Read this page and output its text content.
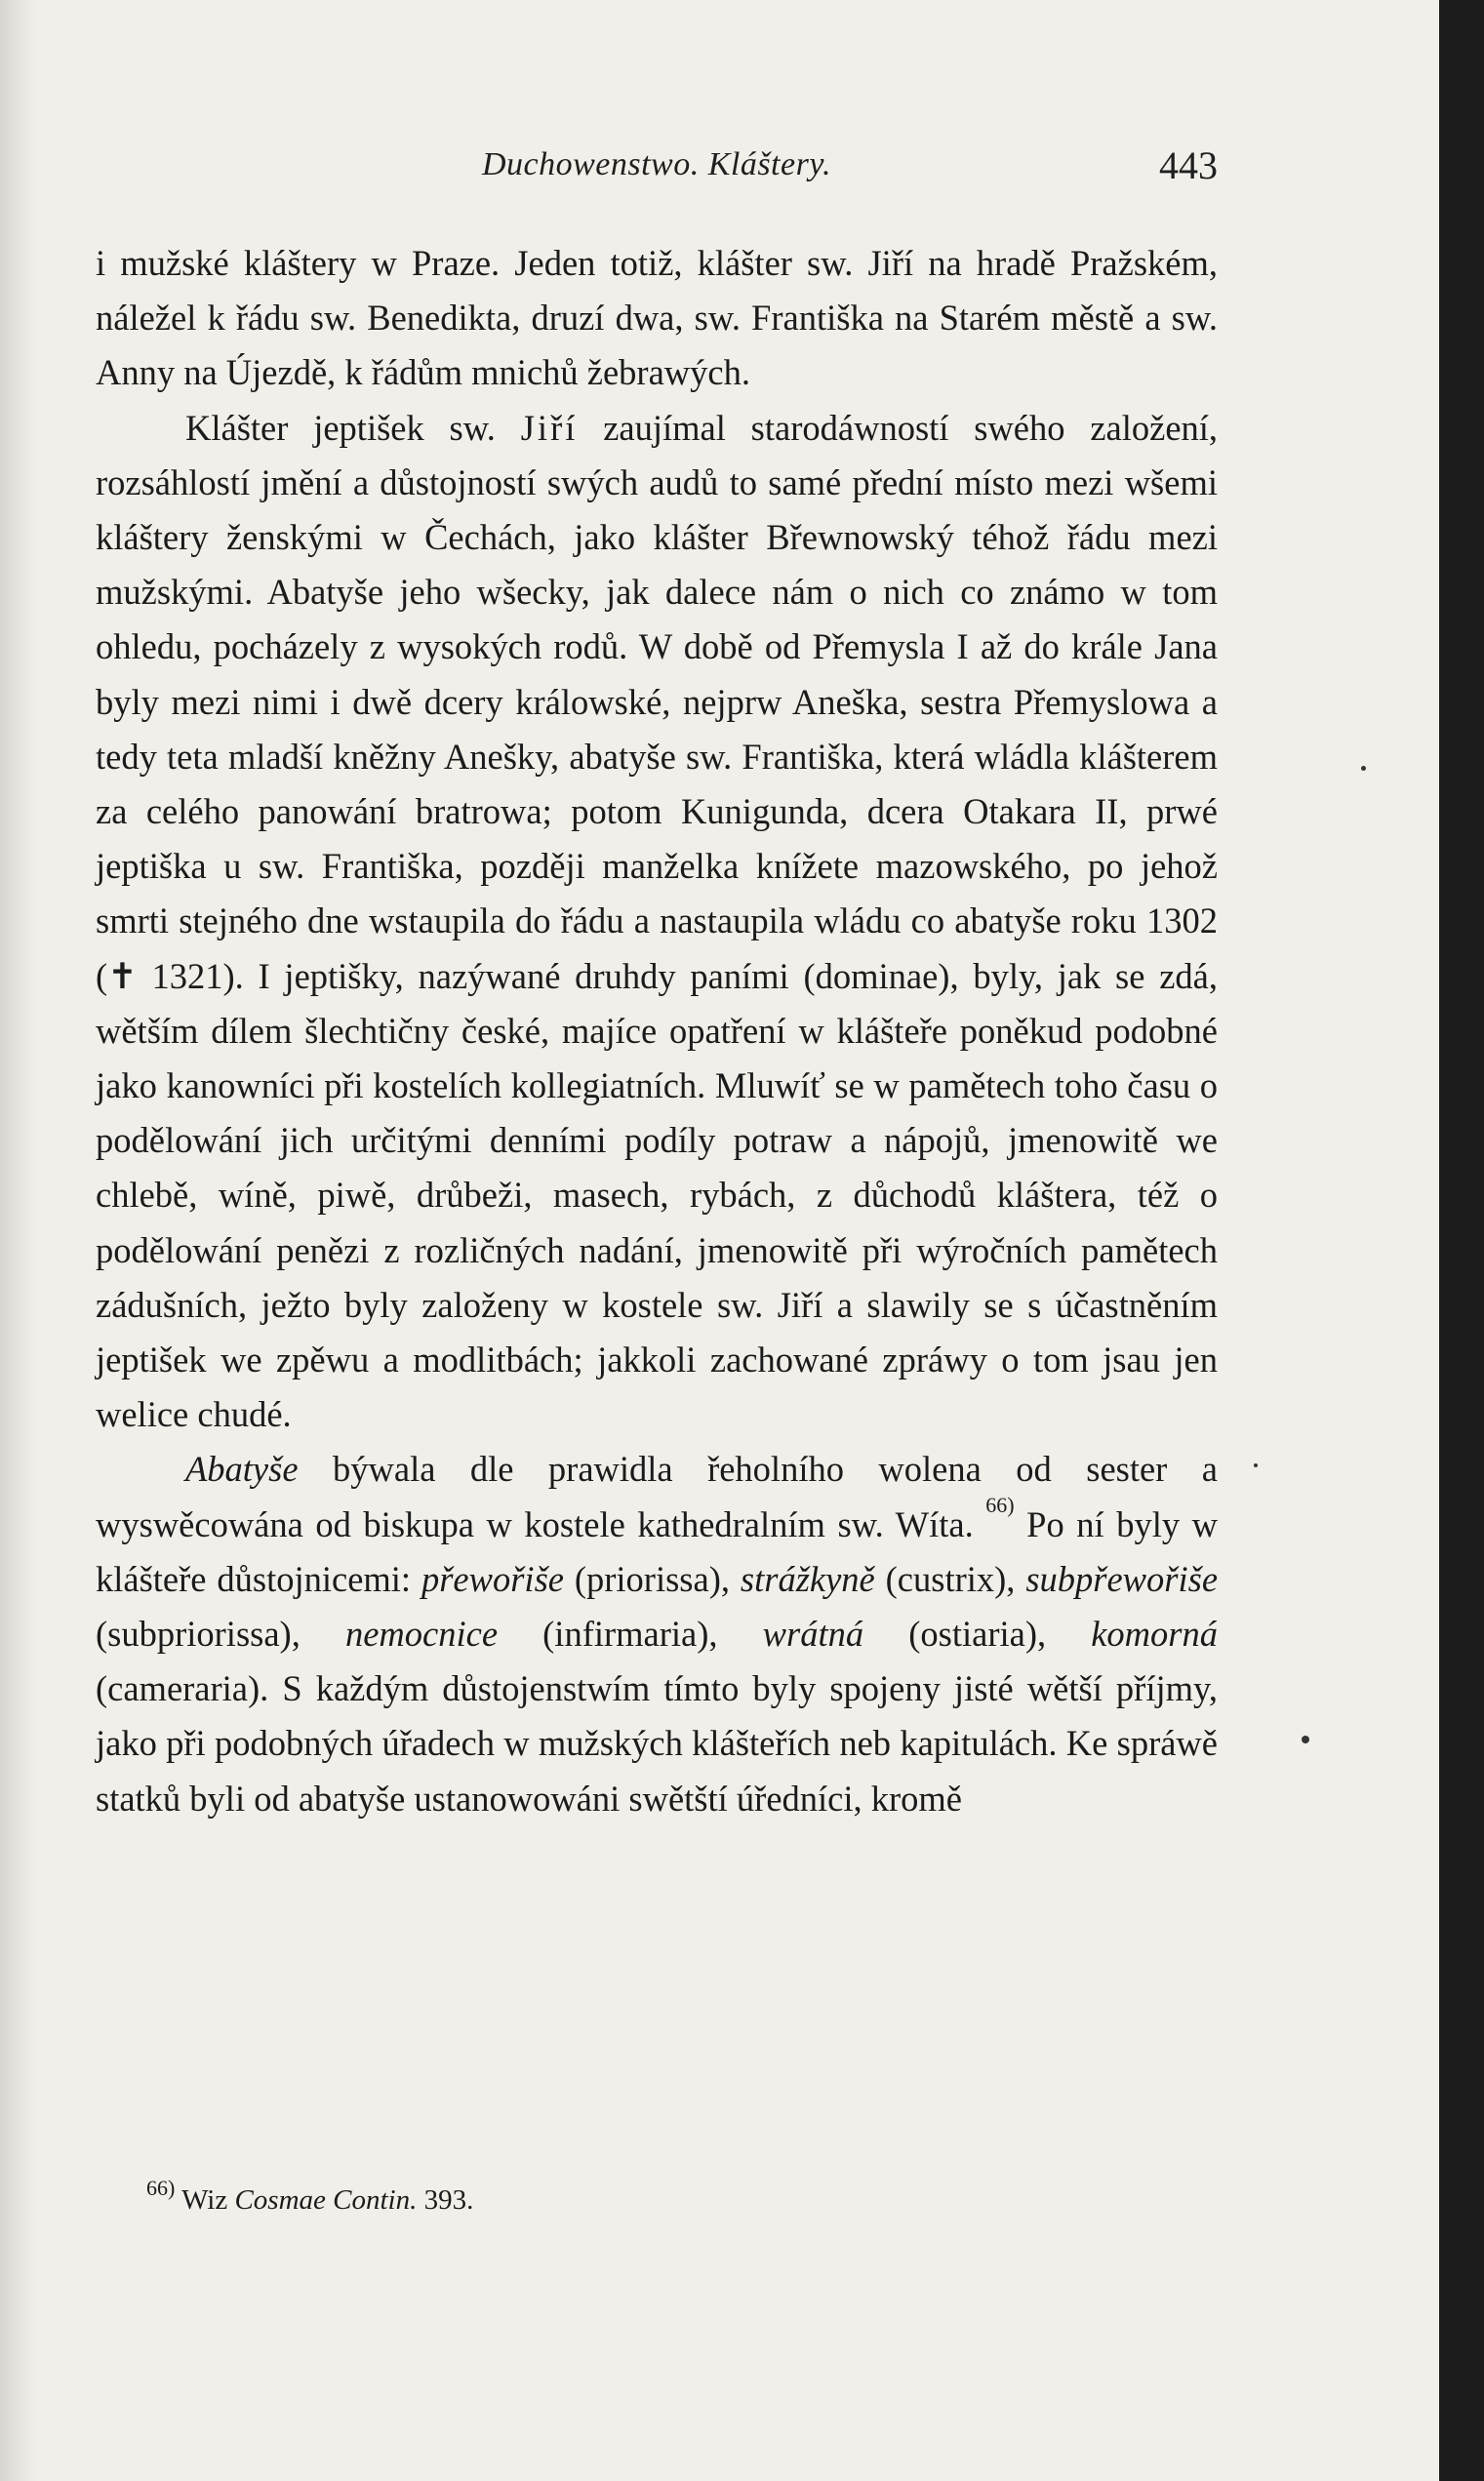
Duchowenstwo. Kláštery.	443

i mužské kláštery w Praze. Jeden totiž, klášter sw. Jiří na hradě Pražském, náležel k řádu sw. Benedikta, druzí dwa, sw. Františka na Starém městě a sw. Anny na Újezdě, k řádům mnichů žebrawých.

Klášter jeptišek sw. Jiří zaujímal starodáwností swého založení, rozsáhlostí jmění a důstojností swých audů to samé přední místo mezi wšemi kláštery ženskými w Čechách, jako klášter Břewnowský téhož řádu mezi mužskými. Abatyše jeho wšecky, jak dalece nám o nich co známo w tom ohledu, pocházely z wysokých rodů. W době od Přemysla I až do krále Jana byly mezi nimi i dwě dcery králowské, nejprw Aneška, sestra Přemyslowa a tedy teta mladší kněžny Anešky, abatyše sw. Františka, která wládla klášterem za celého panowání bratrowa; potom Kunigunda, dcera Otakara II, prwé jeptiška u sw. Františka, později manželka knížete mazowského, po jehož smrti stejného dne wstaupila do řádu a nastaupila wládu co abatyše roku 1302 (✝ 1321). I jeptišky, nazýwané druhdy paními (dominae), byly, jak se zdá, wětším dílem šlechtičny české, majíce opatření w klášteře poněkud podobné jako kanowníci při kostelích kollegiatních. Mluwíť se w pamětech toho času o podělowání jich určitými denními podíly potraw a nápojů, jmenowitě we chlebě, wíně, piwě, drůbeži, masech, rybách, z důchodů kláštera, též o podělowání penězi z rozličných nadání, jmenowitě při wýročních pamětech zádušních, ježto byly založeny w kostele sw. Jiří a slawily se s účastněním jeptišek we zpěwu a modlitbách; jakkoli zachowané zpráwy o tom jsau jen welice chudé.

Abatyše býwala dle prawidla řeholního wolena od sester a wyswěcowána od biskupa w kostele kathedralním sw. Wíta. $^{66)}$ Po ní byly w klášteře důstojnicemi: přewořiše (priorissa), strážkyně (custrix), subpřewořiše (subpriorissa), nemocnice (infirmaria), wrátná (ostiaria), komorná (cameraria). S každým důstojenstwím tímto byly spojeny jisté wětší příjmy, jako při podobných úřadech w mužských klášteřích neb kapitulách. Ke spráwě statků byli od abatyše ustanowowáni swětští úředníci, kromě

$^{66)}$ Wiz Cosmae Contin. 393.
